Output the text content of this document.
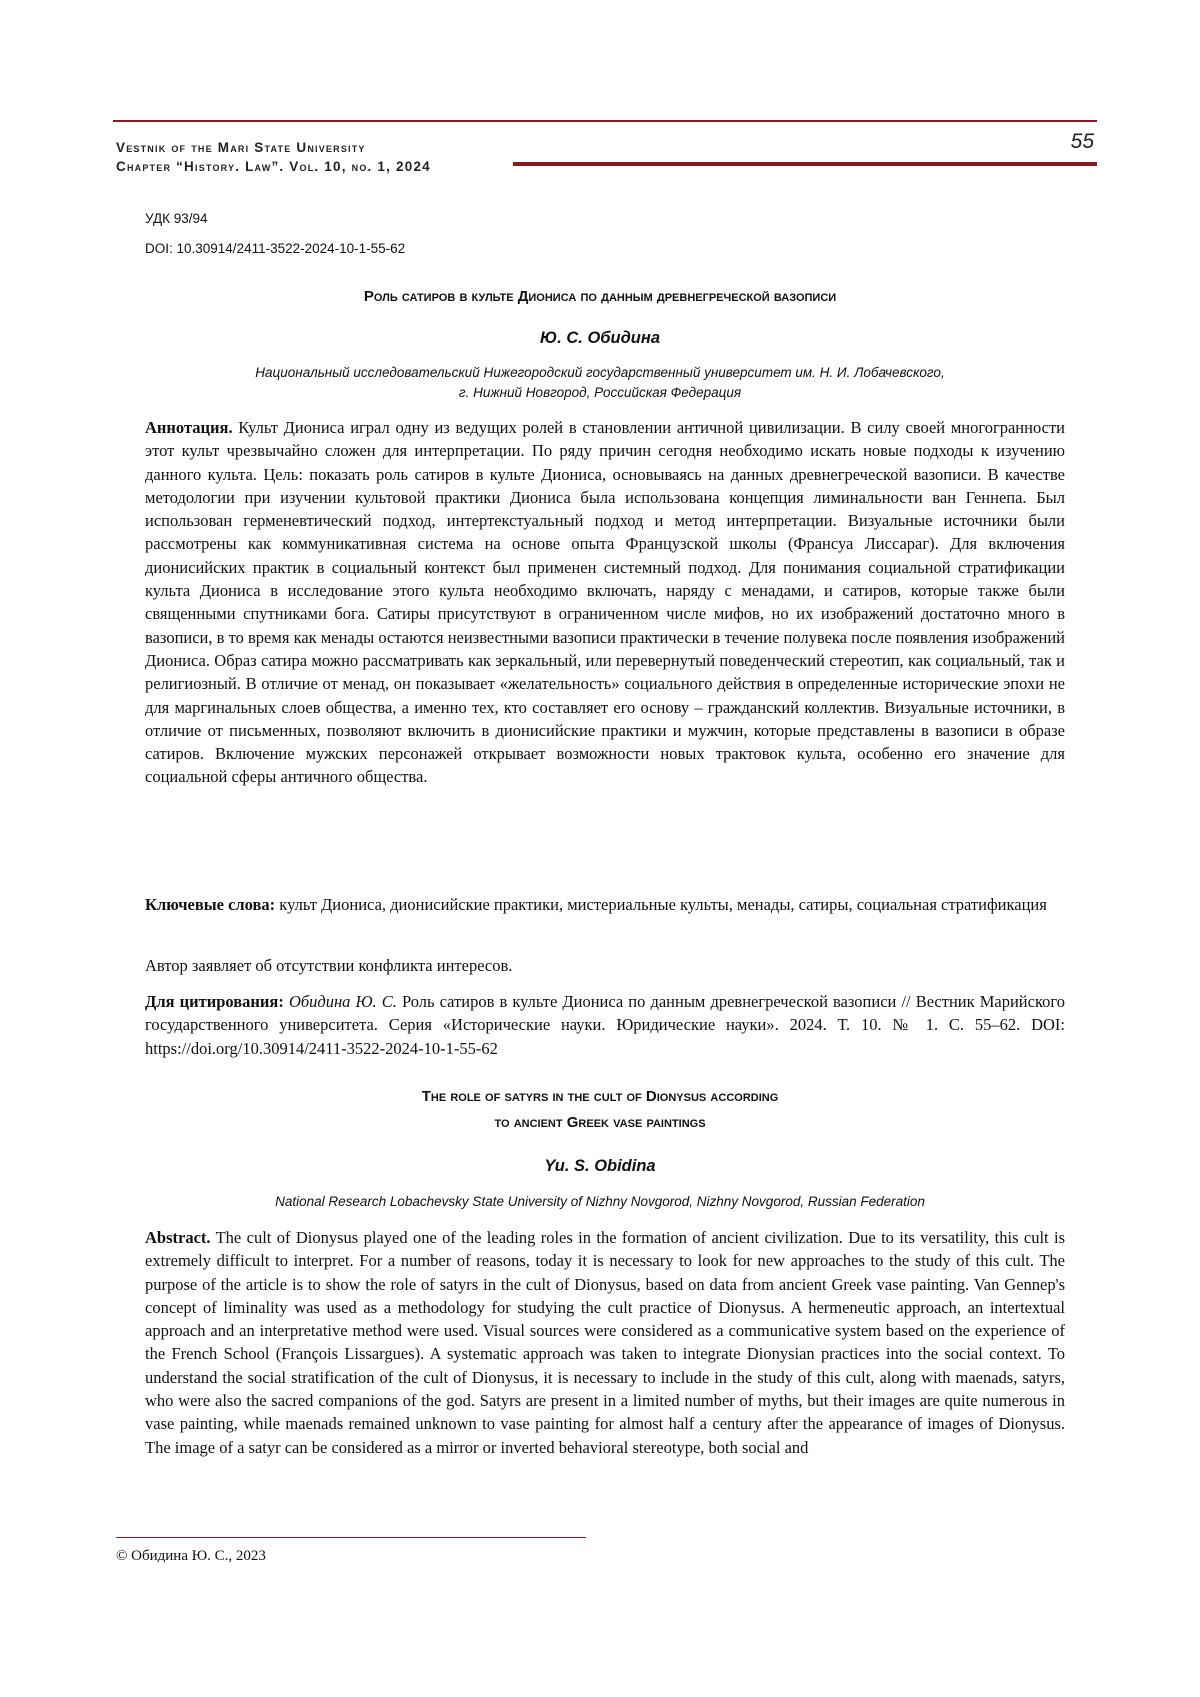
Vestnik of the Mari State University
Chapter “History. Law”. Vol. 10, no. 1, 2024
55
УДК 93/94
DOI: 10.30914/2411-3522-2024-10-1-55-62
Роль сатиров в культе Диониса по данным древнегреческой вазописи
Ю. С. Обидина
Национальный исследовательский Нижегородский государственный университет им. Н. И. Лобачевского,
г. Нижний Новгород, Российская Федерация
Аннотация. Культ Диониса играл одну из ведущих ролей в становлении античной цивилизации. В силу своей многогранности этот культ чрезвычайно сложен для интерпретации. По ряду причин сегодня необходимо искать новые подходы к изучению данного культа. Цель: показать роль сатиров в культе Диониса, основываясь на данных древнегреческой вазописи. В качестве методологии при изучении культовой практики Диониса была использована концепция лиминальности ван Геннепа. Был использован герменевтический подход, интертекстуальный подход и метод интерпретации. Визуальные источники были рассмотрены как коммуникативная система на основе опыта Французской школы (Франсуа Лиссараг). Для включения дионисийских практик в социальный контекст был применен системный подход. Для понимания социальной стратификации культа Диониса в исследование этого культа необходимо включать, наряду с менадами, и сатиров, которые также были священными спутниками бога. Сатиры присутствуют в ограниченном числе мифов, но их изображений достаточно много в вазописи, в то время как менады остаются неизвестными вазописи практически в течение полувека после появления изображений Диониса. Образ сатира можно рассматривать как зеркальный, или перевернутый поведенческий стереотип, как социальный, так и религиозный. В отличие от менад, он показывает «желательность» социального действия в определенные исторические эпохи не для маргинальных слоев общества, а именно тех, кто составляет его основу – гражданский коллектив. Визуальные источники, в отличие от письменных, позволяют включить в дионисийские практики и мужчин, которые представлены в вазописи в образе сатиров. Включение мужских персонажей открывает возможности новых трактовок культа, особенно его значение для социальной сферы античного общества.
Ключевые слова: культ Диониса, дионисийские практики, мистериальные культы, менады, сатиры, социальная стратификация
Автор заявляет об отсутствии конфликта интересов.
Для цитирования: Обидина Ю. С. Роль сатиров в культе Диониса по данным древнегреческой вазописи // Вестник Марийского государственного университета. Серия «Исторические науки. Юридические науки». 2024. Т. 10. № 1. С. 55–62. DOI: https://doi.org/10.30914/2411-3522-2024-10-1-55-62
The role of satyrs in the cult of Dionysus according
to ancient Greek vase paintings
Yu. S. Obidina
National Research Lobachevsky State University of Nizhny Novgorod, Nizhny Novgorod, Russian Federation
Abstract. The cult of Dionysus played one of the leading roles in the formation of ancient civilization. Due to its versatility, this cult is extremely difficult to interpret. For a number of reasons, today it is necessary to look for new approaches to the study of this cult. The purpose of the article is to show the role of satyrs in the cult of Dionysus, based on data from ancient Greek vase painting. Van Gennep's concept of liminality was used as a methodology for studying the cult practice of Dionysus. A hermeneutic approach, an intertextual approach and an interpretative method were used. Visual sources were considered as a communicative system based on the experience of the French School (François Lissargues). A systematic approach was taken to integrate Dionysian practices into the social context. To understand the social stratification of the cult of Dionysus, it is necessary to include in the study of this cult, along with maenads, satyrs, who were also the sacred companions of the god. Satyrs are present in a limited number of myths, but their images are quite numerous in vase painting, while maenads remained unknown to vase painting for almost half a century after the appearance of images of Dionysus. The image of a satyr can be considered as a mirror or inverted behavioral stereotype, both social and
© Обидина Ю. С., 2023
